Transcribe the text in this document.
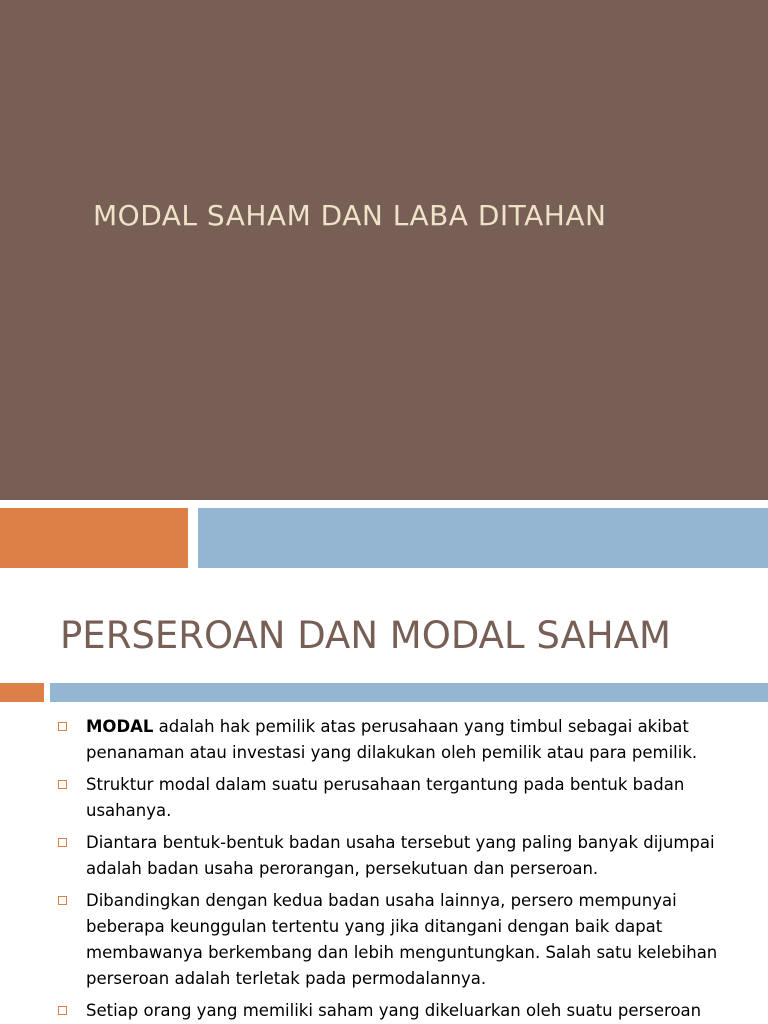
MODAL SAHAM DAN LABA DITAHAN
PERSEROAN DAN MODAL SAHAM
MODAL adalah hak pemilik atas perusahaan yang timbul sebagai akibat penanaman atau investasi yang dilakukan oleh pemilik atau para pemilik.
Struktur modal dalam suatu perusahaan tergantung pada bentuk badan usahanya.
Diantara bentuk-bentuk badan usaha tersebut yang paling banyak dijumpai adalah badan usaha perorangan, persekutuan dan perseroan.
Dibandingkan dengan kedua badan usaha lainnya, persero mempunyai beberapa keunggulan tertentu yang jika ditangani dengan baik dapat membawanya berkembang dan lebih menguntungkan. Salah satu kelebihan perseroan adalah terletak pada permodalannya.
Setiap orang yang memiliki saham yang dikeluarkan oleh suatu perseroan
